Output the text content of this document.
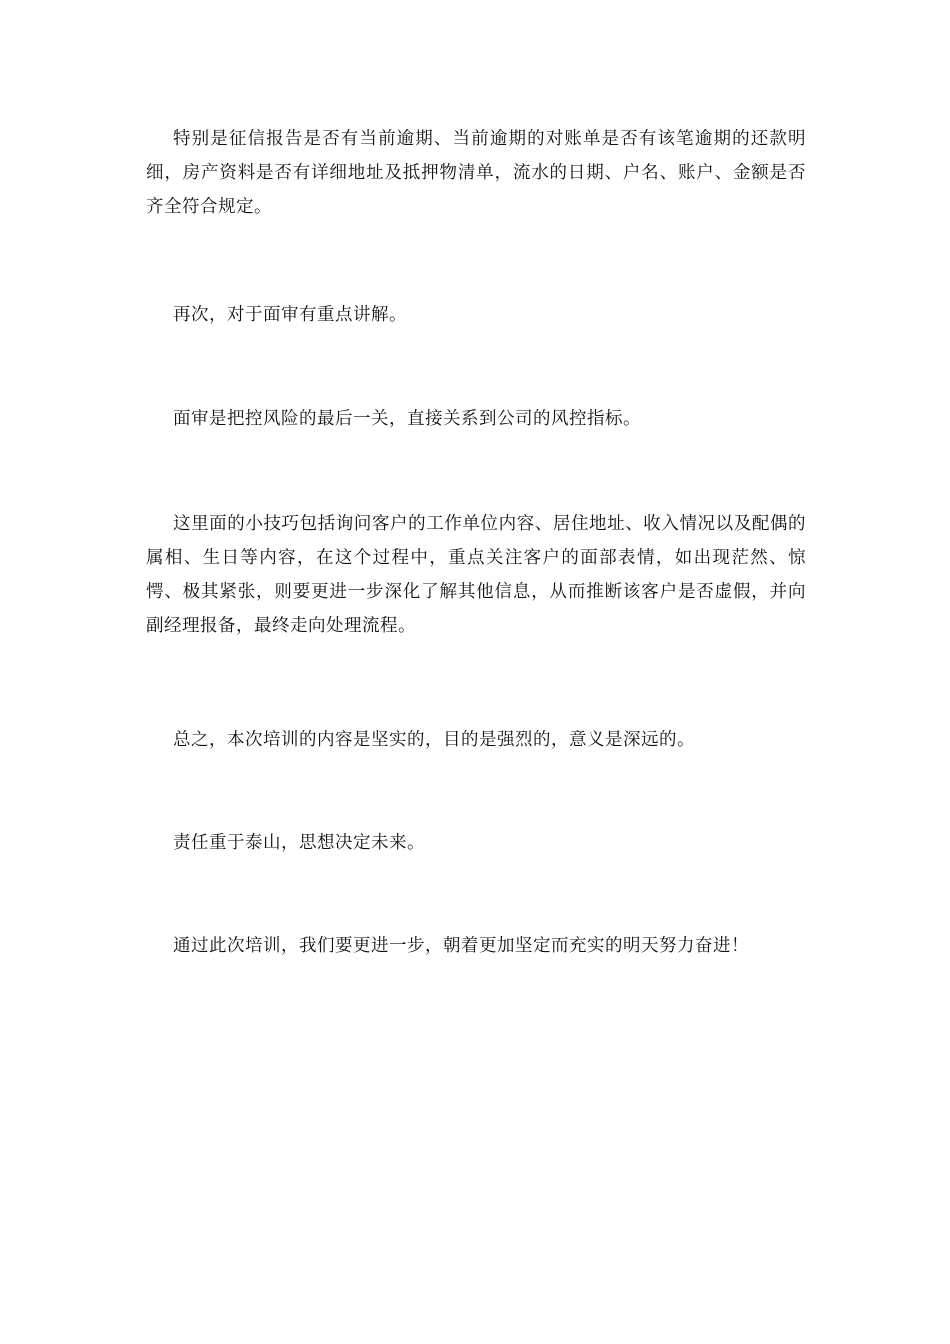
特别是征信报告是否有当前逾期、当前逾期的对账单是否有该笔逾期的还款明细，房产资料是否有详细地址及抵押物清单，流水的日期、户名、账户、金额是否齐全符合规定。

再次，对于面审有重点讲解。

面审是把控风险的最后一关，直接关系到公司的风控指标。

这里面的小技巧包括询问客户的工作单位内容、居住地址、收入情况以及配偶的属相、生日等内容，在这个过程中，重点关注客户的面部表情，如出现茫然、惊愕、极其紧张，则要更进一步深化了解其他信息，从而推断该客户是否虚假，并向副经理报备，最终走向处理流程。

总之，本次培训的内容是坚实的，目的是强烈的，意义是深远的。

责任重于泰山，思想决定未来。

通过此次培训，我们要更进一步，朝着更加坚定而充实的明天努力奋进！
